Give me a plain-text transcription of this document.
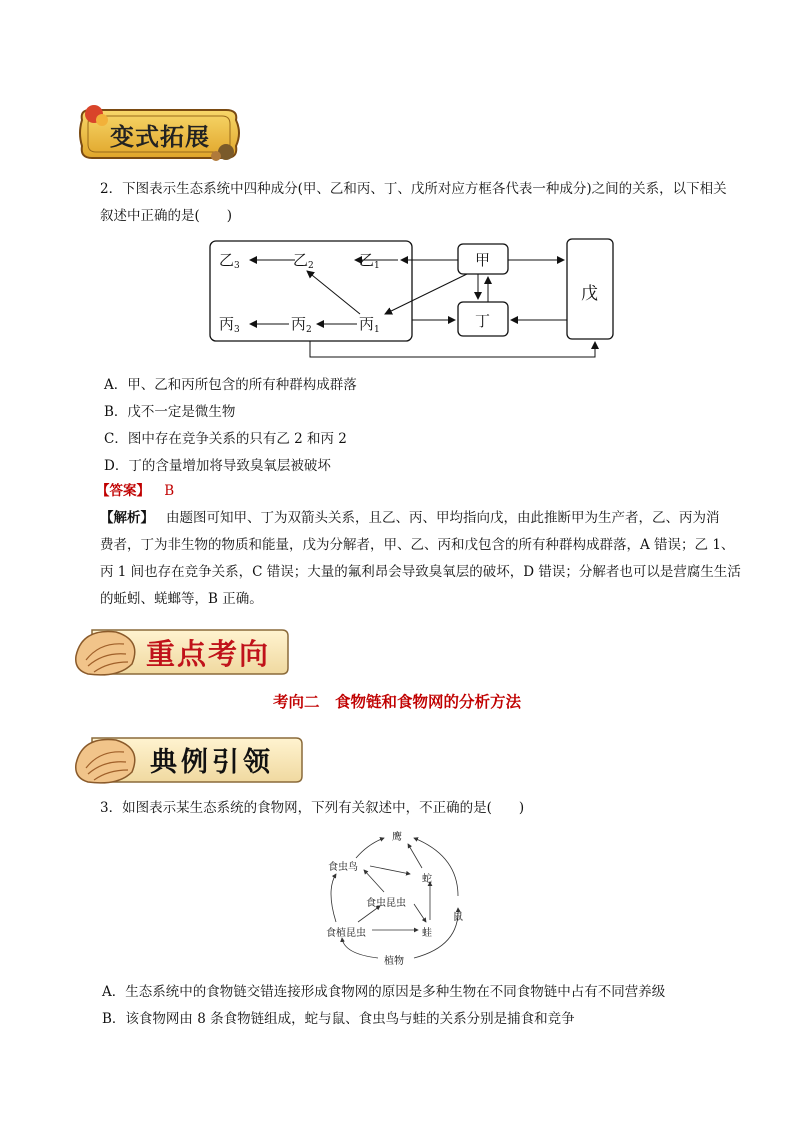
变式拓展
2．下图表示生态系统中四种成分(甲、乙和丙、丁、戊所对应方框各代表一种成分)之间的关系，以下相关
叙述中正确的是(　　)
乙$_3$	乙$_2$	乙$_1$
丙$_3$	丙$_2$	丙$_1$
甲
丁
戊
A．甲、乙和丙所包含的所有种群构成群落
B．戊不一定是微生物
C．图中存在竞争关系的只有乙 2 和丙 2
D．丁的含量增加将导致臭氧层被破坏
【答案】 B
【解析】 由题图可知甲、丁为双箭头关系，且乙、丙、甲均指向戊，由此推断甲为生产者，乙、丙为消
费者，丁为非生物的物质和能量，戊为分解者，甲、乙、丙和戊包含的所有种群构成群落，A 错误；乙 1、
丙 1 间也存在竞争关系，C 错误；大量的氟利昂会导致臭氧层的破坏，D 错误；分解者也可以是营腐生生活
的蚯蚓、蜣螂等，B 正确。
重点考向
考向二　食物链和食物网的分析方法
典例引领
3．如图表示某生态系统的食物网，下列有关叙述中，不正确的是(　　)
鹰
食虫鸟
蛇
食虫昆虫
鼠
食植昆虫	蛙
植物
A．生态系统中的食物链交错连接形成食物网的原因是多种生物在不同食物链中占有不同营养级
B．该食物网由 8 条食物链组成，蛇与鼠、食虫鸟与蛙的关系分别是捕食和竞争
